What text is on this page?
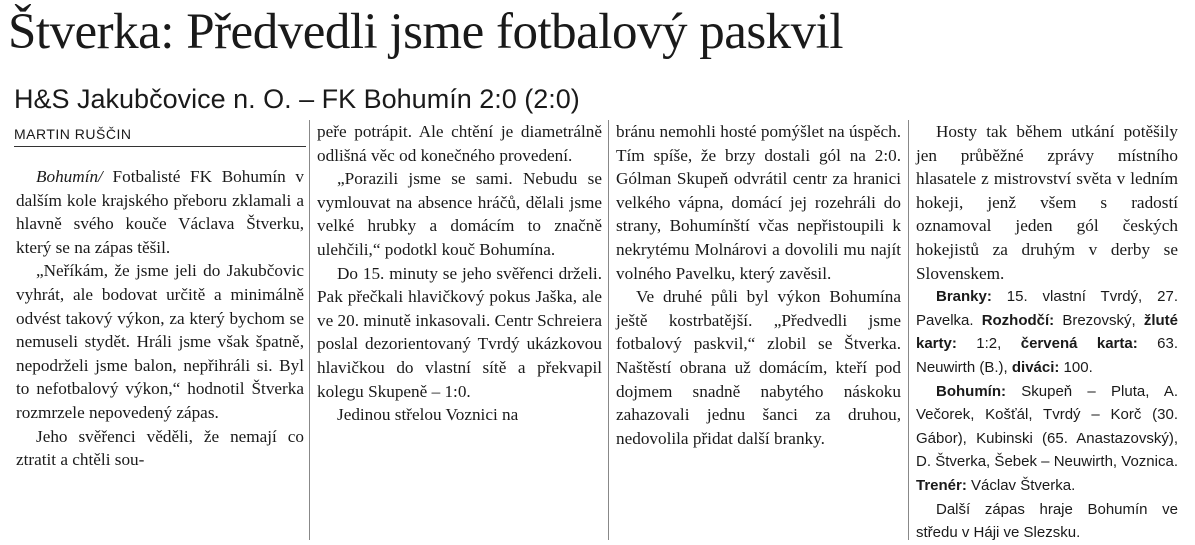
Štverka: Předvedli jsme fotbalový paskvil
H&S Jakubčovice n. O. – FK Bohumín 2:0 (2:0)
MARTIN RUŠČIN

Bohumín/ Fotbalisté FK Bohumín v dalším kole krajského přeboru zklamali a hlavně svého kouče Václava Štverku, který se na zápas těšil.

„Neříkám, že jsme jeli do Jakubčovic vyhrát, ale bodovat určitě a minimálně odvést takový výkon, za který bychom se nemuseli stydět. Hráli jsme však špatně, nepodrželi jsme balon, nepřihráli si. Byl to nefotbalový výkon,“ hodnotil Štverka rozmrzele nepovedený zápas.

Jeho svěřenci věděli, že nemají co ztratit a chtěli sou-

peře potrápit. Ale chtění je diametrálně odlišná věc od konečného provedení.

„Porazili jsme se sami. Nebudu se vymlouvat na absence hráčů, dělali jsme velké hrubky a domácím to značně ulehčili,“ podotkl kouč Bohumína.

Do 15. minuty se jeho svěřenci drželi. Pak přečkali hlavičkový pokus Jaška, ale ve 20. minutě inkasovali. Centr Schreiera poslal dezorientovaný Tvrdý ukázkovou hlavičkou do vlastní sítě a překvapil kolegu Skupeně – 1:0.

Jedinou střelou Voznici na

bránu nemohli hosté pomýšlet na úspěch. Tím spíše, že brzy dostali gól na 2:0. Gólman Skupeň odvrátil centr za hranici velkého vápna, domácí jej rozehráli do strany, Bohumínští včas nepřistoupili k nekrytému Molnárovi a dovolili mu najít volného Pavelku, který zavěsil.

Ve druhé půli byl výkon Bohumína ještě kostrbatější. „Předvedli jsme fotbalový paskvil,“ zlobil se Štverka. Naštěstí obrana už domácím, kteří pod dojmem snadně nabytého náskoku zahazovali jednu šanci za druhou, nedovolila přidat další branky.

Hosty tak během utkání potěšily jen průběžné zprávy místního hlasatele z mistrovství světa v ledním hokeji, jenž všem s radostí oznamoval jeden gól českých hokejistů za druhým v derby se Slovenskem.

Branky: 15. vlastní Tvrdý, 27. Pavelka. Rozhodčí: Brezovský, žluté karty: 1:2, červená karta: 63. Neuwirth (B.), diváci: 100.

Bohumín: Skupeň – Pluta, A. Večorek, Košťál, Tvrdý – Korč (30. Gábor), Kubinski (65. Anastazovský), D. Štverka, Šebek – Neuwirth, Voznica. Trenér: Václav Štverka.

Další zápas hraje Bohumín ve středu v Háji ve Slezsku.
